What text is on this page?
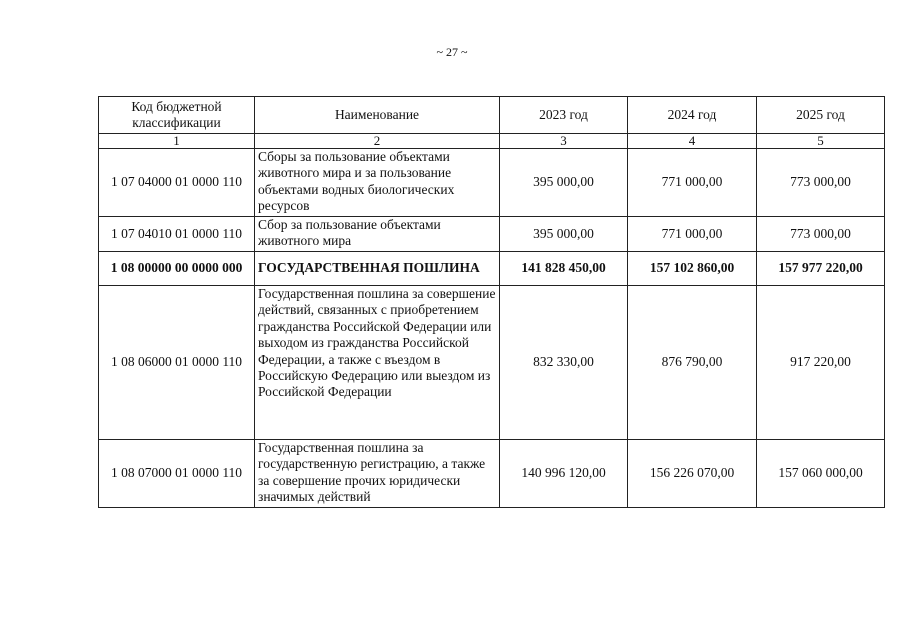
~ 27 ~
Код бюджетной классификации	Наименование	2023 год	2024 год	2025 год
1	2	3	4	5
1 07 04000 01 0000 110	Сборы за пользование объектами животного мира и за пользование объектами водных биологических ресурсов	395 000,00	771 000,00	773 000,00
1 07 04010 01 0000 110	Сбор за пользование объектами животного мира	395 000,00	771 000,00	773 000,00
1 08 00000 00 0000 000	ГОСУДАРСТВЕННАЯ ПОШЛИНА	141 828 450,00	157 102 860,00	157 977 220,00
1 08 06000 01 0000 110	Государственная пошлина за совершение действий, связанных с приобретением гражданства Российской Федерации или выходом из гражданства Российской Федерации, а также с въездом в Российскую Федерацию или выездом из Российской Федерации	832 330,00	876 790,00	917 220,00
1 08 07000 01 0000 110	Государственная пошлина за государственную регистрацию, а также за совершение прочих юридически значимых действий	140 996 120,00	156 226 070,00	157 060 000,00
